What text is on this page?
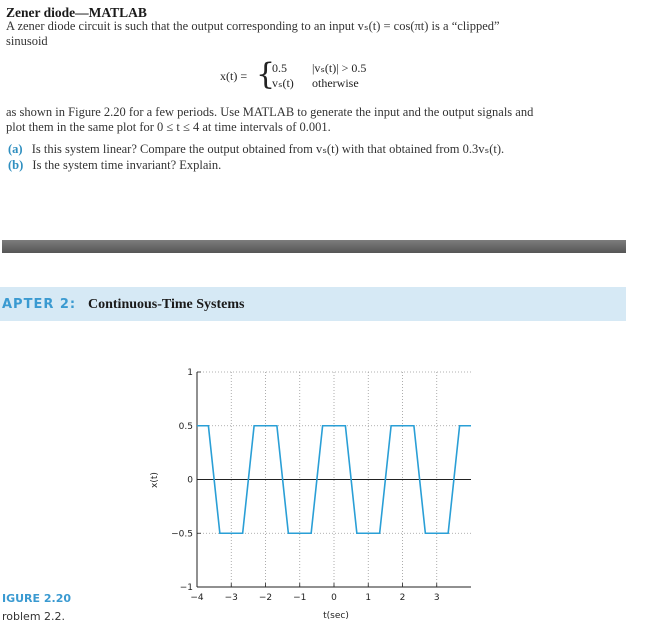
Zener diode—MATLAB
A zener diode circuit is such that the output corresponding to an input vₛ(t) = cos(πt) is a “clipped”
sinusoid
x(t) = {
0.5 |vₛ(t)| > 0.5
vₛ(t) otherwise
as shown in Figure 2.20 for a few periods. Use MATLAB to generate the input and the output signals and
plot them in the same plot for 0 ≤ t ≤ 4 at time intervals of 0.001.
(a) Is this system linear? Compare the output obtained from vₛ(t) with that obtained from 0.3vₛ(t).
(b) Is the system time invariant? Explain.
APTER 2: Continuous-Time Systems
−4 −3 −2 −1	0	1	2	3
−1
−0.5
0
0.5
1
t(sec)
x(t)
IGURE 2.20
roblem 2.2.
